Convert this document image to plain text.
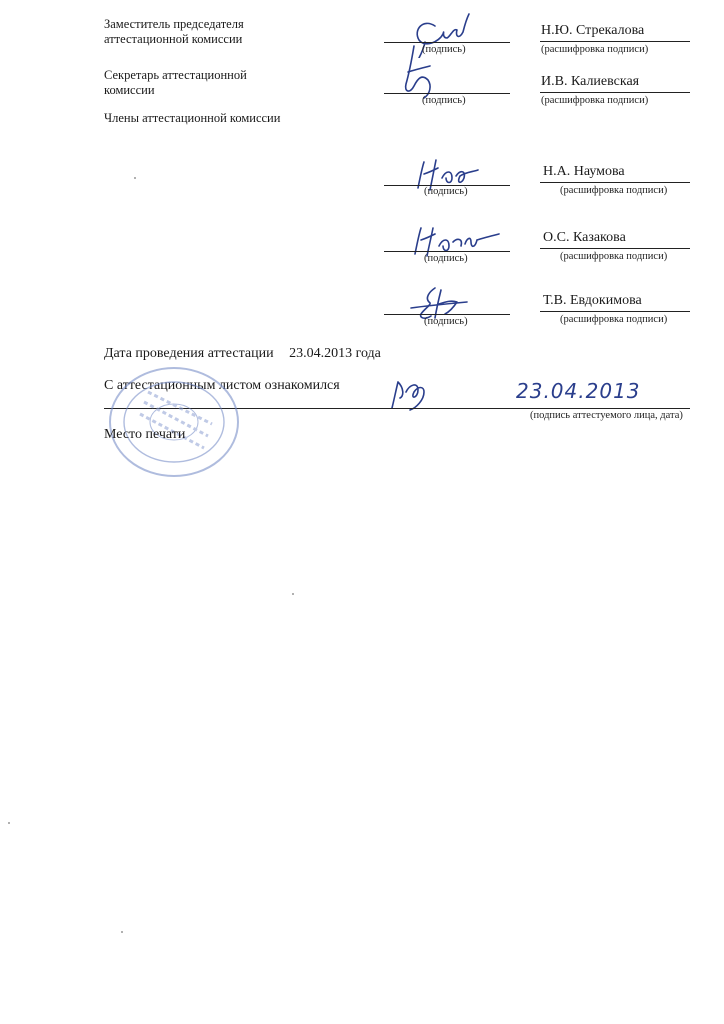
Заместитель председателя
аттестационной комиссии
(подпись)
Н.Ю. Стрекалова
(расшифровка подписи)
Секретарь аттестационной
комиссии
(подпись)
И.В. Калиевская
(расшифровка подписи)
Члены аттестационной комиссии
(подпись)
Н.А. Наумова
(расшифровка подписи)
(подпись)
О.С. Казакова
(расшифровка подписи)
(подпись)
Т.В. Евдокимова
(расшифровка подписи)
Дата проведения аттестации 23.04.2013 года
С аттестационным листом ознакомился	23.04.2013
(подпись аттестуемого лица, дата)
Место печати
